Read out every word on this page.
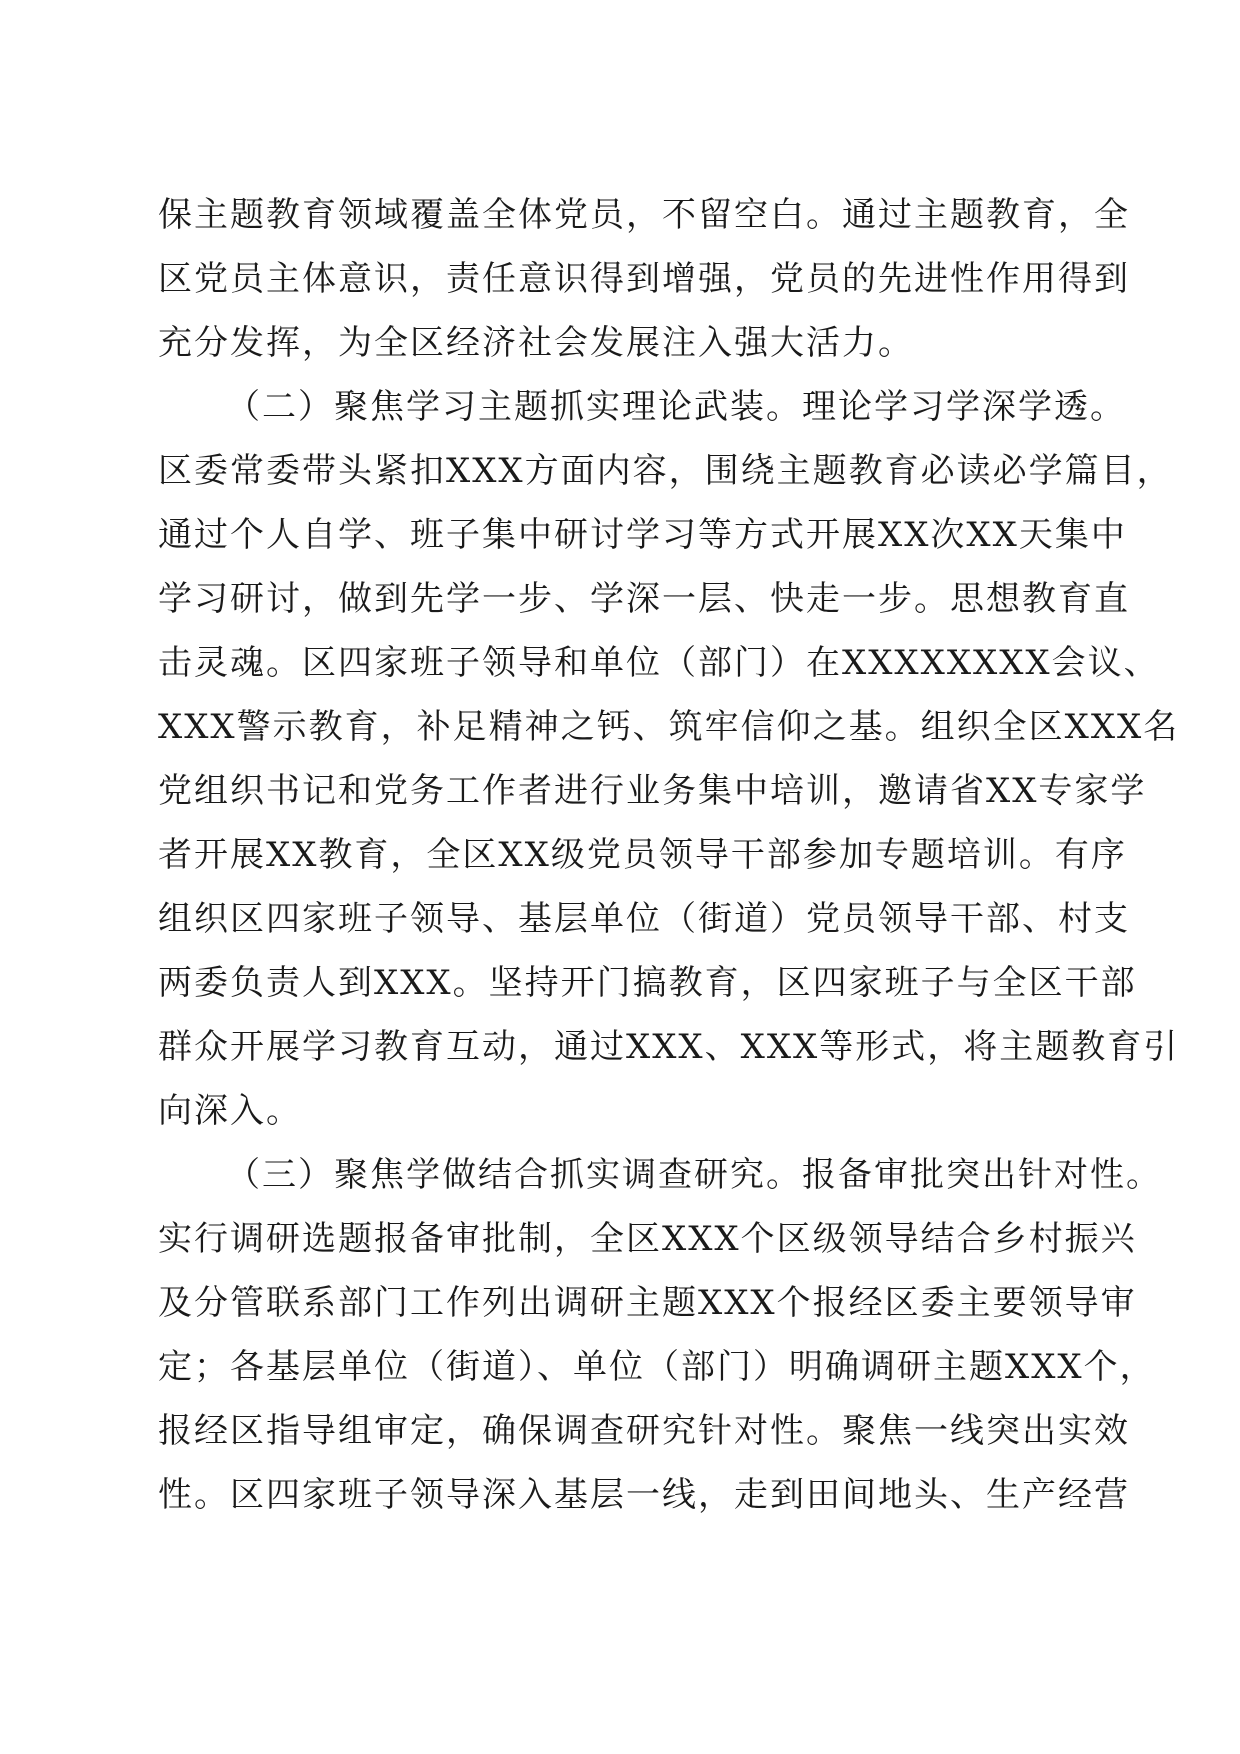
保主题教育领域覆盖全体党员，不留空白。通过主题教育，全
区党员主体意识，责任意识得到增强，党员的先进性作用得到
充分发挥，为全区经济社会发展注入强大活力。
（二）聚焦学习主题抓实理论武装。理论学习学深学透。
区委常委带头紧扣XXX方面内容，围绕主题教育必读必学篇目，
通过个人自学、班子集中研讨学习等方式开展XX次XX天集中
学习研讨，做到先学一步、学深一层、快走一步。思想教育直
击灵魂。区四家班子领导和单位（部门）在XXXXXXXX会议、
XXX警示教育，补足精神之钙、筑牢信仰之基。组织全区XXX名
党组织书记和党务工作者进行业务集中培训，邀请省XX专家学
者开展XX教育，全区XX级党员领导干部参加专题培训。有序
组织区四家班子领导、基层单位（街道）党员领导干部、村支
两委负责人到XXX。坚持开门搞教育，区四家班子与全区干部
群众开展学习教育互动，通过XXX、XXX等形式，将主题教育引
向深入。
（三）聚焦学做结合抓实调查研究。报备审批突出针对性。
实行调研选题报备审批制，全区XXX个区级领导结合乡村振兴
及分管联系部门工作列出调研主题XXX个报经区委主要领导审
定；各基层单位（街道）、单位（部门）明确调研主题XXX个，
报经区指导组审定，确保调查研究针对性。聚焦一线突出实效
性。区四家班子领导深入基层一线，走到田间地头、生产经营
